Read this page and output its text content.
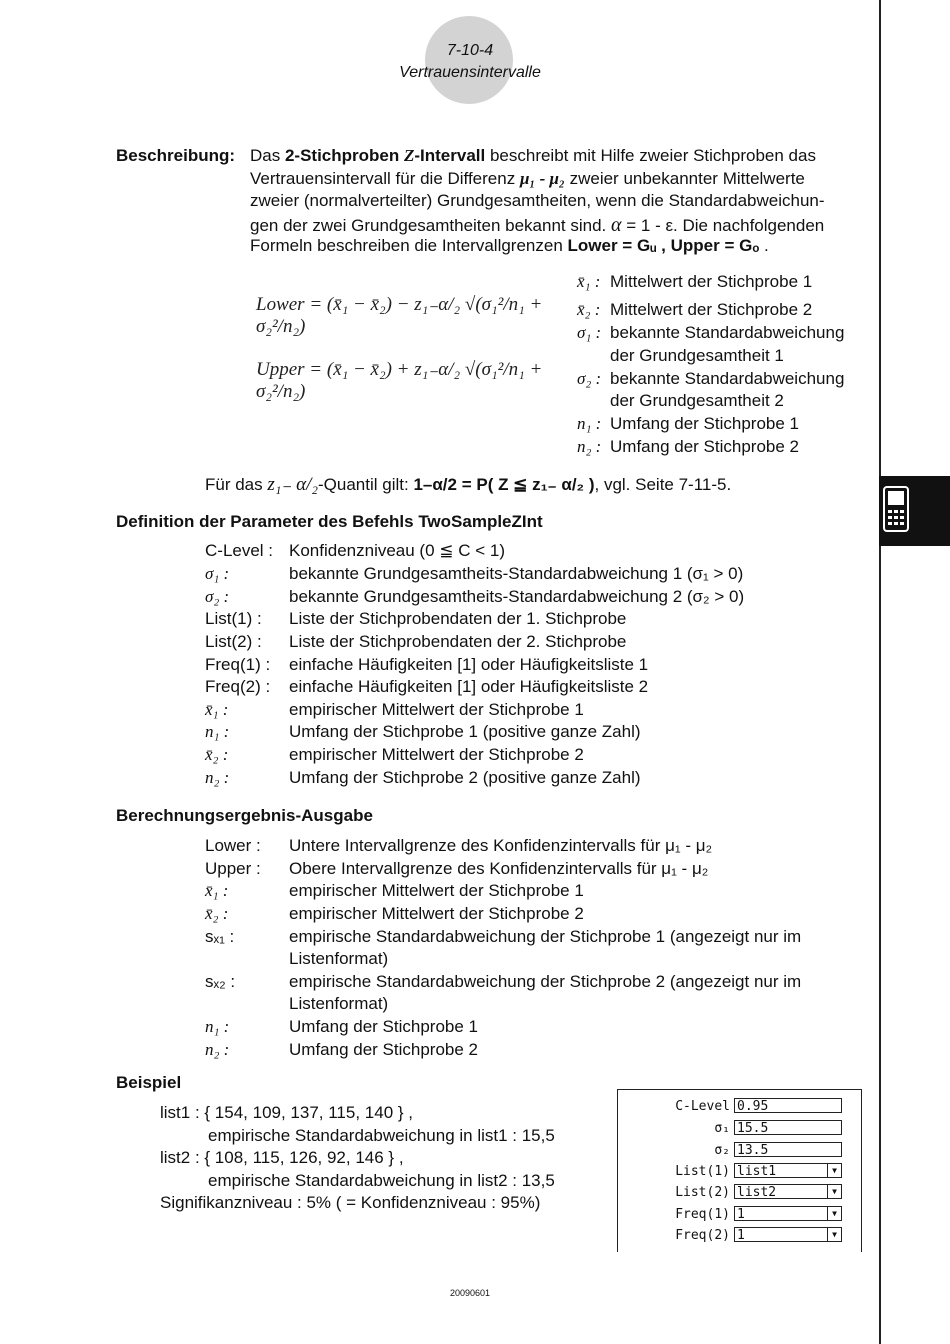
7-10-4
Vertrauensintervalle
Beschreibung: Das 2-Stichproben Z-Intervall beschreibt mit Hilfe zweier Stichproben das
Vertrauensintervall für die Differenz μ₁ - μ₂ zweier unbekannter Mittelwerte
zweier (normalverteilter) Grundgesamtheiten, wenn die Standardabweichun-
gen der zwei Grundgesamtheiten bekannt sind. α = 1 - ε. Die nachfolgenden
Formeln beschreiben die Intervallgrenzen Lower = Gᵤ , Upper = Gₒ .
Lower = (x̄₁ − x̄₂) − z₁₋α/₂ √(σ₁²/n₁ + σ₂²/n₂)
Upper = (x̄₁ − x̄₂) + z₁₋α/₂ √(σ₁²/n₁ + σ₂²/n₂)
x̄₁ : Mittelwert der Stichprobe 1
x̄₂ : Mittelwert der Stichprobe 2
σ₁ : bekannte Standardabweichung
der Grundgesamtheit 1
σ₂ : bekannte Standardabweichung
der Grundgesamtheit 2
n₁ : Umfang der Stichprobe 1
n₂ : Umfang der Stichprobe 2
Für das z₁₋ α/₂-Quantil gilt: 1–α/2 = P( Z ≦ z₁₋ α/₂ ), vgl. Seite 7-11-5.
Definition der Parameter des Befehls TwoSampleZInt
C-Level : Konfidenzniveau (0 ≦ C < 1)
σ₁ :	bekannte Grundgesamtheits-Standardabweichung 1 (σ₁ > 0)
σ₂ :	bekannte Grundgesamtheits-Standardabweichung 2 (σ₂ > 0)
List(1) : Liste der Stichprobendaten der 1. Stichprobe
List(2) : Liste der Stichprobendaten der 2. Stichprobe
Freq(1) : einfache Häufigkeiten [1] oder Häufigkeitsliste 1
Freq(2) : einfache Häufigkeiten [1] oder Häufigkeitsliste 2
x̄₁ :	empirischer Mittelwert der Stichprobe 1
n₁ :	Umfang der Stichprobe 1 (positive ganze Zahl)
x̄₂ :	empirischer Mittelwert der Stichprobe 2
n₂ :	Umfang der Stichprobe 2 (positive ganze Zahl)
Berechnungsergebnis-Ausgabe
Lower : Untere Intervallgrenze des Konfidenzintervalls für μ₁ - μ₂
Upper : Obere Intervallgrenze des Konfidenzintervalls für μ₁ - μ₂
x̄₁ :	empirischer Mittelwert der Stichprobe 1
x̄₂ :	empirischer Mittelwert der Stichprobe 2
sₓ₁ :	empirische Standardabweichung der Stichprobe 1 (angezeigt nur im
Listenformat)
sₓ₂ :	empirische Standardabweichung der Stichprobe 2 (angezeigt nur im
Listenformat)
n₁ :	Umfang der Stichprobe 1
n₂ :	Umfang der Stichprobe 2
Beispiel
list1 : { 154, 109, 137, 115, 140 } ,
empirische Standardabweichung in list1 : 15,5
list2 : { 108, 115, 126, 92, 146 } ,
empirische Standardabweichung in list2 : 13,5
Signifikanzniveau : 5% ( = Konfidenzniveau : 95%)
C-Level 0.95
σ₁ 15.5
σ₂ 13.5
List(1) list1	▼
List(2) list2	▼
Freq(1) 1	▼
Freq(2) 1	▼
20090601
